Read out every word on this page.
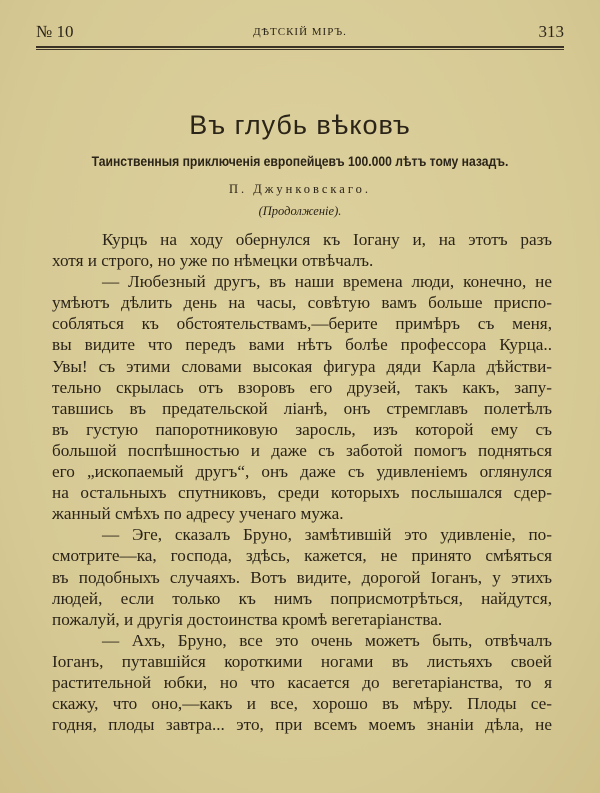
№ 10	ДѢТСКІЙ МІРЪ.	313
Въ глубь вѣковъ
Таинственныя приключенія европейцевъ 100.000 лѣтъ тому назадъ.
П. Джунковскаго.
(Продолженіе).
Курцъ на ходу обернулся къ Іогану и, на этотъ разъ
хотя и строго, но уже по нѣмецки отвѣчалъ.
— Любезный другъ, въ наши времена люди, конечно, не
умѣютъ дѣлить день на часы, совѣтую вамъ больше приспо-
собляться къ обстоятельствамъ,—берите примѣръ съ меня,
вы видите что передъ вами нѣтъ болѣе профессора Курца..
Увы! съ этими словами высокая фигура дяди Карла дѣйстви-
тельно скрылась отъ взоровъ его друзей, такъ какъ, запу-
тавшись въ предательской ліанѣ, онъ стремглавъ полетѣлъ
въ густую папоротниковую заросль, изъ которой ему съ
большой поспѣшностью и даже съ заботой помогъ подняться
его „ископаемый другъ“, онъ даже съ удивленіемъ оглянулся
на остальныхъ спутниковъ, среди которыхъ послышался сдер-
жанный смѣхъ по адресу ученаго мужа.
— Эге, сказалъ Бруно, замѣтившій это удивленіе, по-
смотрите—ка, господа, здѣсь, кажется, не принято смѣяться
въ подобныхъ случаяхъ. Вотъ видите, дорогой Іоганъ, у этихъ
людей, если только къ нимъ поприсмотрѣться, найдутся,
пожалуй, и другія достоинства кромѣ вегетаріанства.
— Ахъ, Бруно, все это очень можетъ быть, отвѣчалъ
Іоганъ, путавшійся короткими ногами въ листьяхъ своей
растительной юбки, но что касается до вегетаріанства, то я
скажу, что оно,—какъ и все, хорошо въ мѣру. Плоды се-
годня, плоды завтра... это, при всемъ моемъ знаніи дѣла, не
